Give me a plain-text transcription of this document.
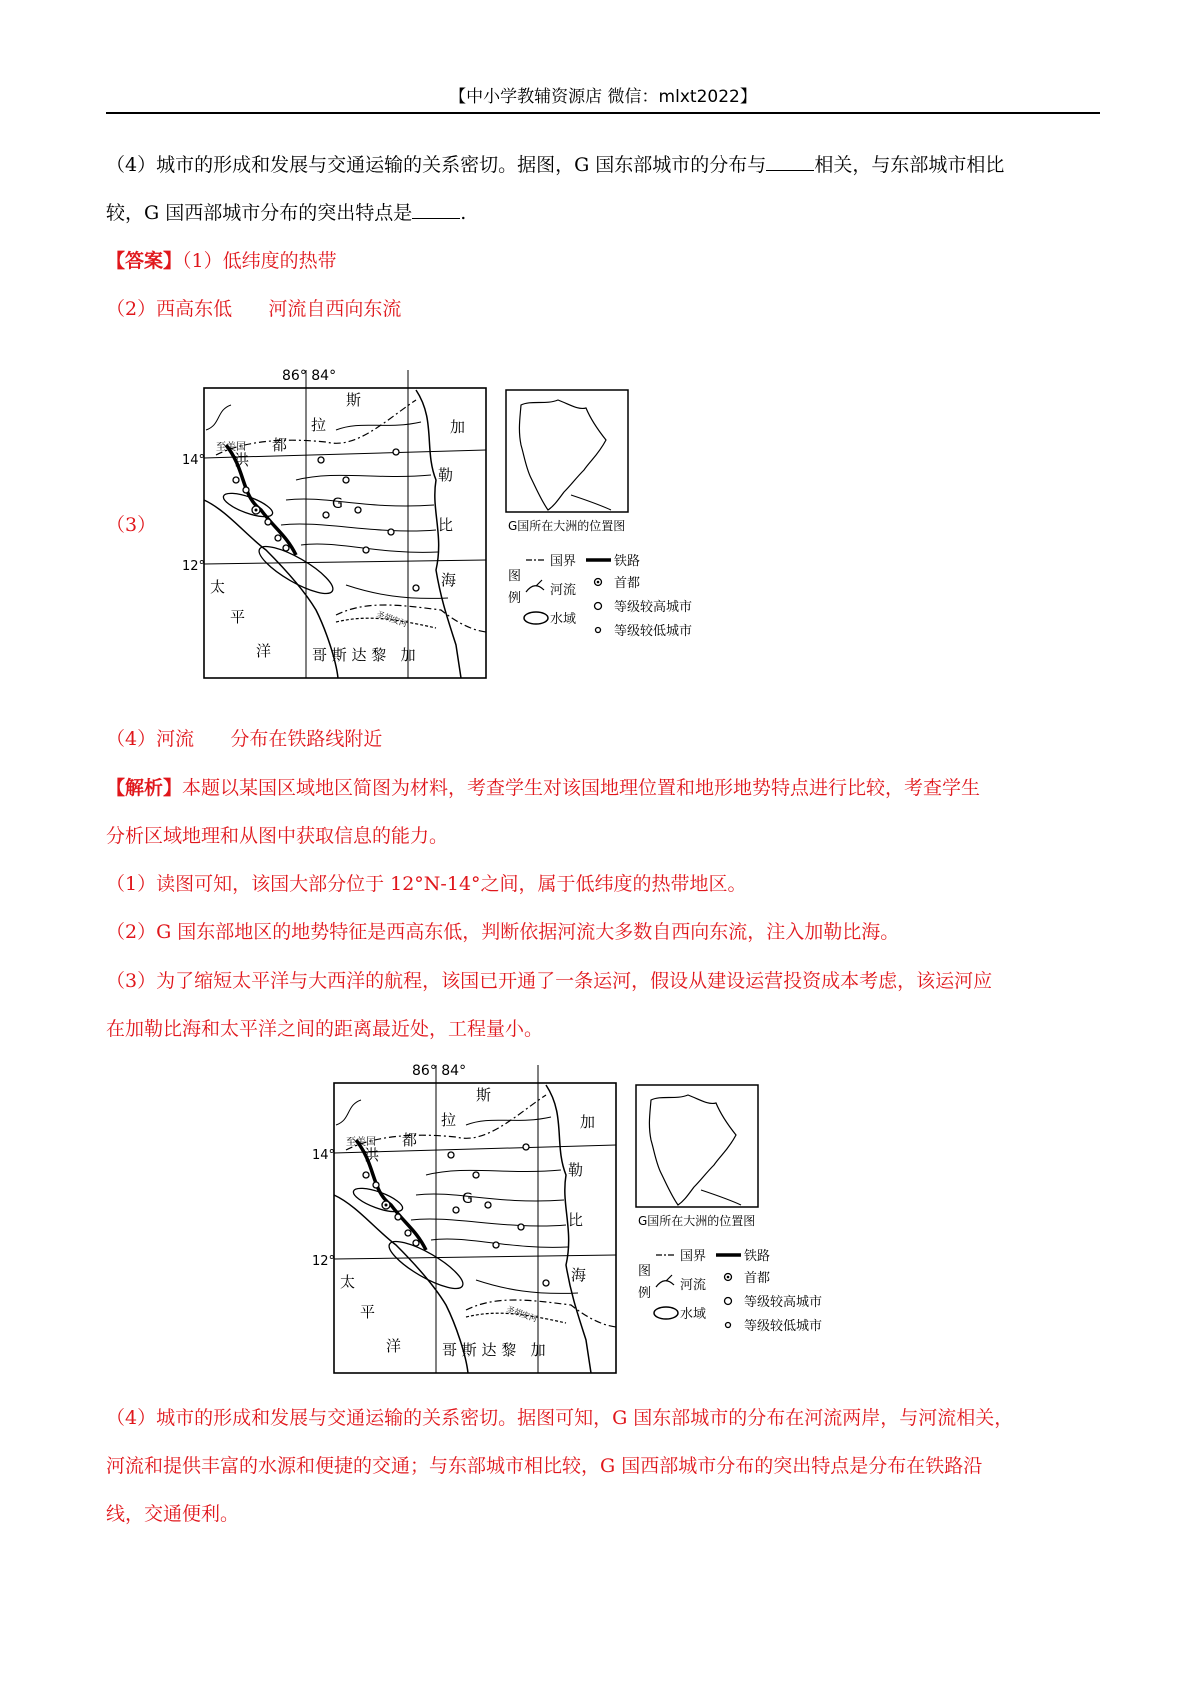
【中小学教辅资源店 微信：mlxt2022】
（4）城市的形成和发展与交通运输的关系密切。据图，G 国东部城市的分布与	相关，与东部城市相比
较，G 国西部城市分布的突出特点是	.
【答案】（1）低纬度的热带
（2）西高东低      河流自西向东流
（3）
86° 84°
14°
12°
至美国
洪
都
拉
斯
加
勒
比
海
太
平
洋	哥 斯 达 黎   加
G
圣胡安河
G国所在大洲的位置图
图
例
国界	铁路
河流	首都
水域
等级较高城市
等级较低城市
（4）河流      分布在铁路线附近
【解析】本题以某国区域地区简图为材料，考查学生对该国地理位置和地形地势特点进行比较，考查学生
分析区域地理和从图中获取信息的能力。
（1）读图可知，该国大部分位于 12°N-14°之间，属于低纬度的热带地区。
（2）G 国东部地区的地势特征是西高东低，判断依据河流大多数自西向东流，注入加勒比海。
（3）为了缩短太平洋与大西洋的航程，该国已开通了一条运河，假设从建设运营投资成本考虑，该运河应
在加勒比海和太平洋之间的距离最近处，工程量小。
86° 84°
14°
12°
至美国
洪
都
拉
斯
加
勒
比
海
太
平
洋	哥 斯 达 黎   加
G
圣胡安河
G国所在大洲的位置图
图
例
国界	铁路
河流	首都
水域
等级较高城市
等级较低城市
（4）城市的形成和发展与交通运输的关系密切。据图可知，G 国东部城市的分布在河流两岸，与河流相关，
河流和提供丰富的水源和便捷的交通；与东部城市相比较，G 国西部城市分布的突出特点是分布在铁路沿
线，交通便利。
